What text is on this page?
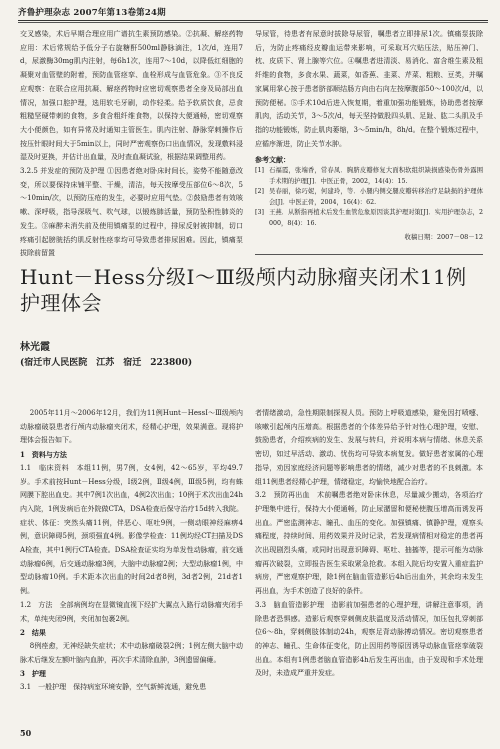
齐鲁护理杂志 2007年第13卷第24期

交叉感染，术后早期合理应用广谱抗生素预防感染。②抗凝、解痉药物应用：术后常规给予低分子右旋糖酐500ml静脉滴注，1次/d，连用7d，尿激酶30mg肌内注射，每6h1次，连用7～10d，以降低红细胞的凝聚对血管壁的附着，预防血管痉挛、血栓形成与血管危象。③不良反应观察：在联合应用抗凝、解痉药物时应密切观察患者全身及局部出血情况，加强口腔护理，选用软毛牙刷，动作轻柔。给予软质饮食，忌食粗糙坚硬带刺的食物，多食含粗纤维食物，以保持大便通畅，密切观察大小便颜色，如有异常及时通知主管医生。肌内注射、静脉穿刺操作后按压针眼时间大于5min以上，同时严密观察伤口出血情况，发现敷料浸湿及时更换，并估计出血量，及时查血凝试验，根据结果调整用药。

3.2.5 并发症的预防及护理 ①因患者绝对卧床时间长，姿势不能随意改变，所以要保持床铺平整、干燥，清洁，每天按摩受压部位6～8次，5～10min/次，以预防压疮的发生，必要时应用气垫。②鼓励患者有效咳嗽、深呼吸，指导深吸气、吹气球，以锻炼肺活量，预防坠积性肺炎的发生。③麻醉未消失前及使用镇痛泵的过程中，排尿反射被抑制，切口疼痛引起膀胱括约肌反射性痉挛均可导致患者排尿困难。因此，镇痛泵拔除前留置

导尿管，待患者有尿意时拔除导尿管，嘱患者立即排尿1次。镇痛泵拔除后，为防止疼痛经皮瓣血运带来影响，可采取耳穴贴压法，贴压神门、枕、皮质下、肾上腺等穴位。④嘱患者进清淡、易消化、富含维生素及粗纤维的食物，多食水果、蔬菜，如香蕉、韭菜、芹菜、粗粮、豆类，并嘱家属用掌心按于患者脐部顺结肠方向由右向左按摩腹部50～100次/d，以预防便秘。⑤手术10d后进入恢复期，着重加强功能锻炼，协助患者按摩肌肉，活动关节，3～5次/d，每天坚持做股四头肌、足趾、肱二头肌及手指的功能锻炼，防止肌肉萎缩，3～5min/h，8h/d。在整个锻炼过程中，应循序渐进，防止关节水肿。

参考文献：
[1] 石福霞，张端香，常春凤．胸脐皮瓣修复大面积软组织缺损感染伤骨外露围手术期的护理[J]．中医正骨，2002，14(4)：15.
[2] 吴春丽，徐巧妮，何建玲，等．小腿内侧交腿皮瓣转移治疗足缺损的护理体会[J]．中医正骨，2004，16(4)：62.
[3] 王燕．从断指再植术后发生血管危象原因谈其护理对策[J]．实用护理杂志，2000，8(4)：16.
收稿日期：2007－08－12
Hunt－Hess分级Ⅰ～Ⅲ级颅内动脉瘤夹闭术11例护理体会
林光霞
(宿迁市人民医院　江苏　宿迁　223800)

2005年11月～2006年12月，我们为11例Hunt－HessⅠ～Ⅲ级颅内动脉瘤破裂患者行颅内动脉瘤夹闭术，经精心护理，效果满意。现将护理体会报告如下。

1　资料与方法

1.1　临床资料　本组11例，男7例，女4例，42～65岁，平均49.7岁。手术前按Hunt－Hess分级，Ⅰ级2例，Ⅱ级4例，Ⅲ级5例，均有蛛网膜下腔出血史。其中7例1次出血，4例2次出血；10例于术次出血24h内入院，1例发病后在外院做CTA，DSA检查后保守治疗15d转入我院。症状、体征：突然头痛11例，伴恶心、呕吐9例，一侧动眼神经麻痹4例，意识障碍5例，颈项强直4例。影像学检查：11例均经CT扫描及DSA检查，其中1例行CTA检查。DSA检查证实均为单发性动脉瘤，前交通动脉瘤6例，后交通动脉瘤3例，大脑中动脉瘤2例；大型动脉瘤1例，中型动脉瘤10例。手术距本次出血的时间2d者8例，3d者2例，21d者1例。

1.2　方法　全部病例均在显微镜直视下经扩大翼点入路行动脉瘤夹闭手术，单纯夹闭9例，夹闭加包裹2例。

2　结果

8例痊愈，无神经缺失症状；术中动脉瘤破裂2例；1例左侧大脑中动脉术后继发左额叶脑内血肿，再次手术清除血肿，3例遗留偏瘫。

3　护理

3.1　一般护理　保持病室环境安静，空气新鲜流通，避免患

者情绪激动，急性期限制探视人员。预防上呼吸道感染，避免因打喷嚏、咳嗽引起颅内压增高。根据患者的个体差异给予针对性心理护理，安慰、鼓励患者，介绍疾病的发生、发展与转归，并说明本病与情绪、休息关系密切，如过早活动、激动、忧伤均可导致本病复发。做好患者家属的心理指导，劝因家庭经济问题等影响患者的情绪，减少对患者的不良刺激。本组11例患者经精心护理，情绪稳定，均愉快地配合治疗。

3.2　预防再出血　术前嘱患者绝对卧床休息，尽量减少搬动，各项治疗护理集中进行，保持大小便通畅，防止尿潴留和便秘使腹压增高而诱发再出血。严密监测神志、瞳孔、血压的变化。加强镇痛、镇静护理，观察头痛程度，持续时间、用药效果并及时记录，若发现病情相对稳定的患者再次出现剧烈头痛，或同时出现意识障碍、呕吐、抽搐等，提示可能为动脉瘤再次破裂，立即报告医生采取紧急抢救。本组入院后均安置入重症监护病房，严密观察护理，除1例在脑血管造影后4h后出血外，其余均未发生再出血，为手术创造了良好的条件。

3.3　脑血管造影护理　造影前加强患者的心理护理，讲解注意事项，消除患者恐惧感。造影后观察穿刺侧皮肤温度及活动情况，加压包扎穿刺部位6～8h，穿刺侧肢体制动24h，观察足背动脉搏动情况。密切观察患者的神志、瞳孔、生命体征变化，防止因用药等原因诱导动脉血管痉挛破裂出血。本组有1例患者脑血管造影4h后发生再出血，由于发现和手术处理及时，未造成严重并发症。

50
